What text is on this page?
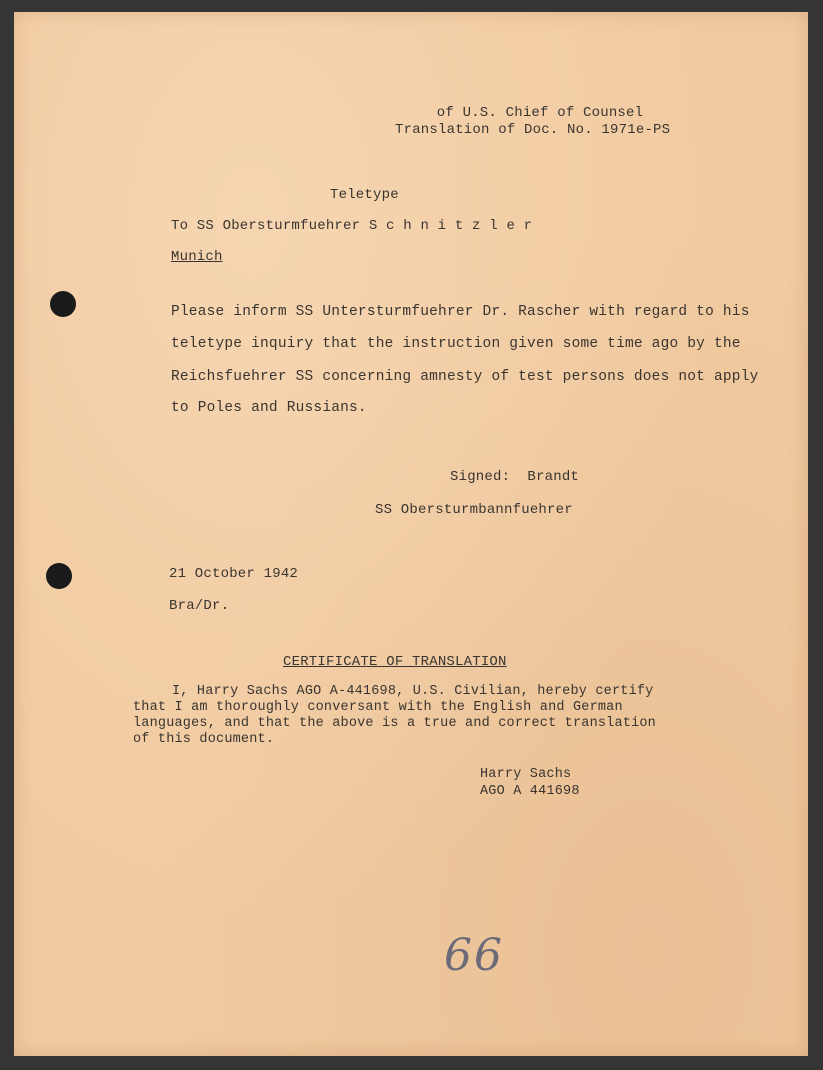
of U.S. Chief of Counsel
Translation of Doc. No. 1971e-PS
Teletype
To SS Obersturmfuehrer S c h n i t z l e r
Munich
Please inform SS Untersturmfuehrer Dr. Rascher with regard to his
teletype inquiry that the instruction given some time ago by the
Reichsfuehrer SS concerning amnesty of test persons does not apply
to Poles and Russians.
Signed:  Brandt
SS Obersturmbannfuehrer
21 October 1942
Bra/Dr.
CERTIFICATE OF TRANSLATION
I, Harry Sachs AGO A-441698, U.S. Civilian, hereby certify
that I am thoroughly conversant with the English and German
languages, and that the above is a true and correct translation
of this document.
Harry Sachs
AGO A 441698
66
